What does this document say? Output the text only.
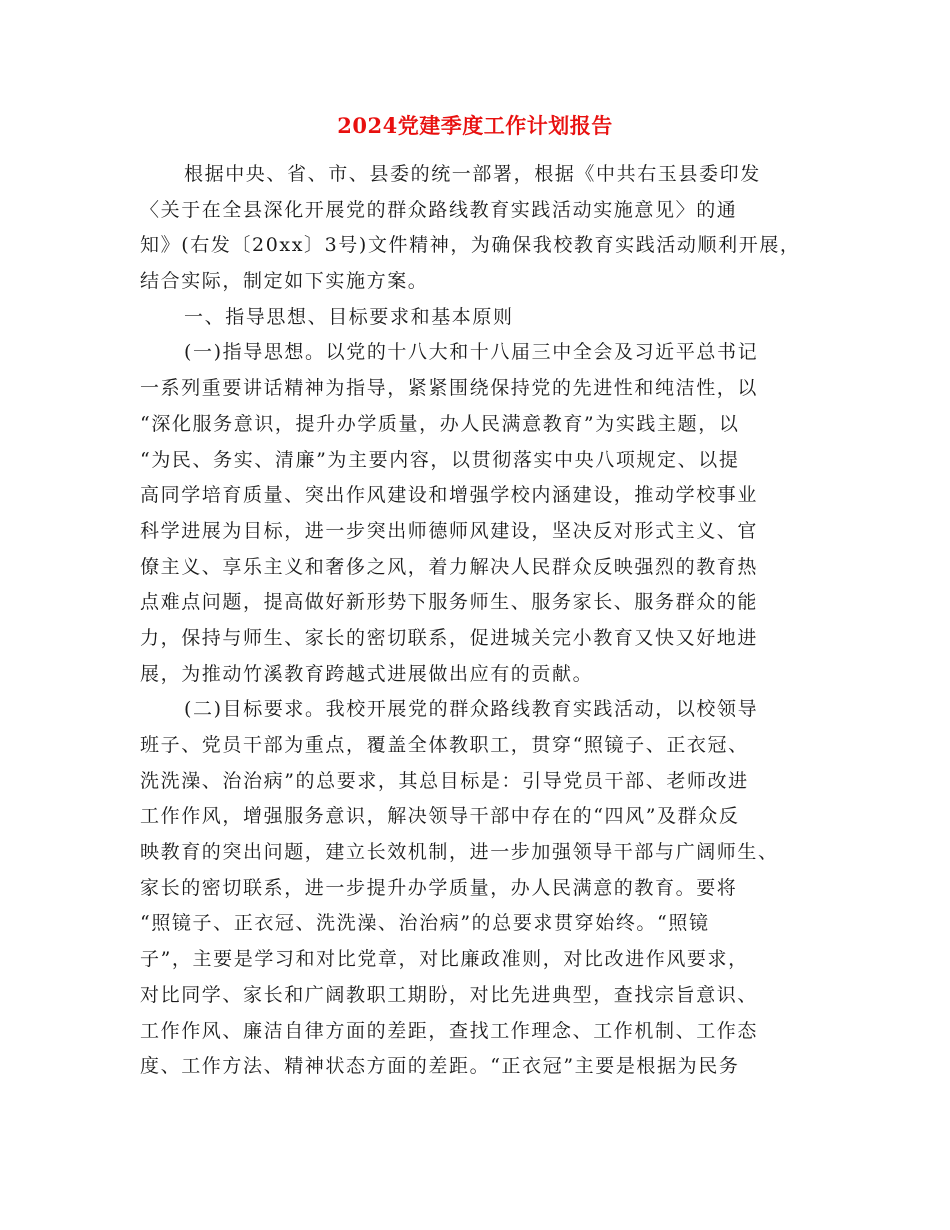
2024党建季度工作计划报告
根据中央、省、市、县委的统一部署，根据《中共右玉县委印发
〈关于在全县深化开展党的群众路线教育实践活动实施意见〉的通
知》(右发〔20xx〕3号)文件精神，为确保我校教育实践活动顺利开展，
结合实际，制定如下实施方案。
一、指导思想、目标要求和基本原则
(一)指导思想。以党的十八大和十八届三中全会及习近平总书记
一系列重要讲话精神为指导，紧紧围绕保持党的先进性和纯洁性，以
“深化服务意识，提升办学质量，办人民满意教育”为实践主题，以
“为民、务实、清廉”为主要内容，以贯彻落实中央八项规定、以提
高同学培育质量、突出作风建设和增强学校内涵建设，推动学校事业
科学进展为目标，进一步突出师德师风建设，坚决反对形式主义、官
僚主义、享乐主义和奢侈之风，着力解决人民群众反映强烈的教育热
点难点问题，提高做好新形势下服务师生、服务家长、服务群众的能
力，保持与师生、家长的密切联系，促进城关完小教育又快又好地进
展，为推动竹溪教育跨越式进展做出应有的贡献。
(二)目标要求。我校开展党的群众路线教育实践活动，以校领导
班子、党员干部为重点，覆盖全体教职工，贯穿“照镜子、正衣冠、
洗洗澡、治治病”的总要求，其总目标是：引导党员干部、老师改进
工作作风，增强服务意识，解决领导干部中存在的“四风”及群众反
映教育的突出问题，建立长效机制，进一步加强领导干部与广阔师生、
家长的密切联系，进一步提升办学质量，办人民满意的教育。要将
“照镜子、正衣冠、洗洗澡、治治病”的总要求贯穿始终。“照镜
子”，主要是学习和对比党章，对比廉政准则，对比改进作风要求，
对比同学、家长和广阔教职工期盼，对比先进典型，查找宗旨意识、
工作作风、廉洁自律方面的差距，查找工作理念、工作机制、工作态
度、工作方法、精神状态方面的差距。“正衣冠”主要是根据为民务
